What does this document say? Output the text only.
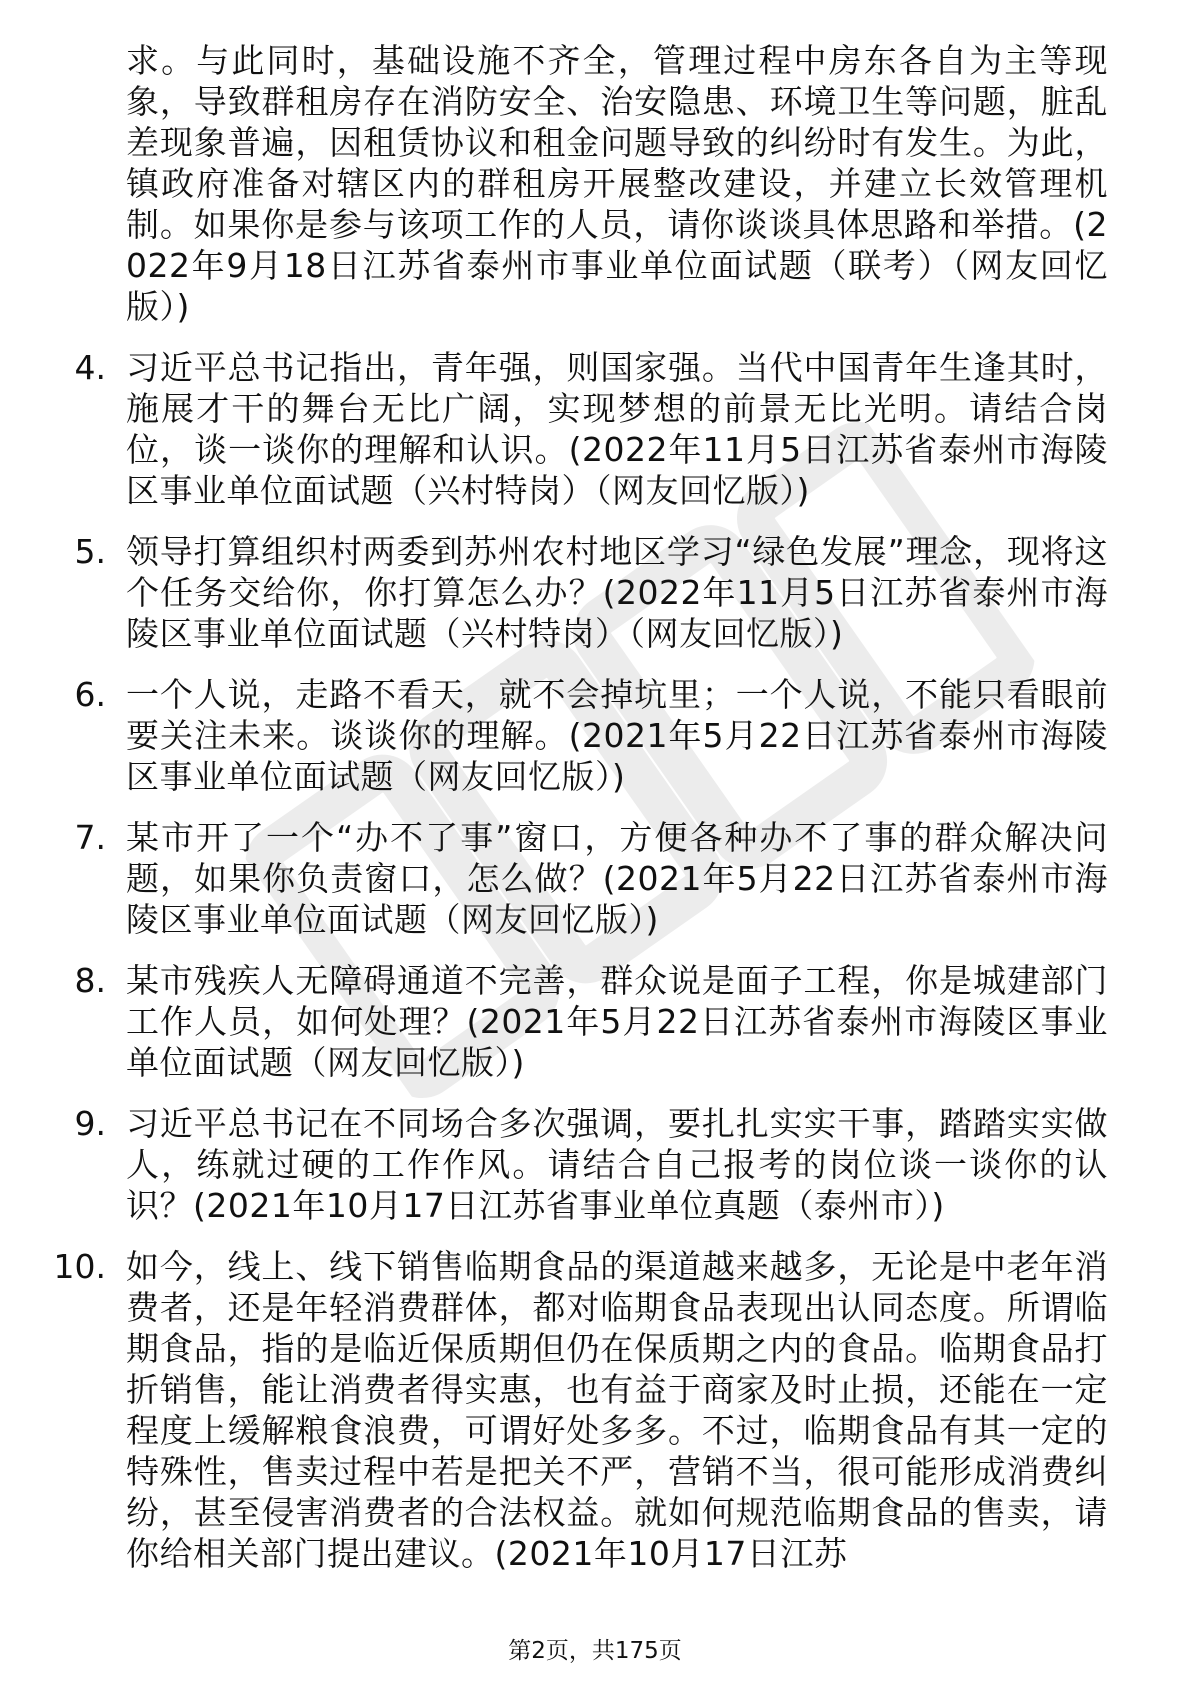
求。与此同时，基础设施不齐全，管理过程中房东各自为主等现象，导致群租房存在消防安全、治安隐患、环境卫生等问题，脏乱差现象普遍，因租赁协议和租金问题导致的纠纷时有发生。为此，镇政府准备对辖区内的群租房开展整改建设，并建立长效管理机制。如果你是参与该项工作的人员，请你谈谈具体思路和举措。(2022年9月18日江苏省泰州市事业单位面试题（联考）（网友回忆版）)
4. 习近平总书记指出，青年强，则国家强。当代中国青年生逢其时，施展才干的舞台无比广阔，实现梦想的前景无比光明。请结合岗位，谈一谈你的理解和认识。(2022年11月5日江苏省泰州市海陵区事业单位面试题（兴村特岗）（网友回忆版）)
5. 领导打算组织村两委到苏州农村地区学习“绿色发展”理念，现将这个任务交给你，你打算怎么办？(2022年11月5日江苏省泰州市海陵区事业单位面试题（兴村特岗）（网友回忆版）)
6. 一个人说，走路不看天，就不会掉坑里；一个人说，不能只看眼前要关注未来。谈谈你的理解。(2021年5月22日江苏省泰州市海陵区事业单位面试题（网友回忆版）)
7. 某市开了一个“办不了事”窗口，方便各种办不了事的群众解决问题，如果你负责窗口，怎么做？(2021年5月22日江苏省泰州市海陵区事业单位面试题（网友回忆版）)
8. 某市残疾人无障碍通道不完善，群众说是面子工程，你是城建部门工作人员，如何处理？(2021年5月22日江苏省泰州市海陵区事业单位面试题（网友回忆版）)
9. 习近平总书记在不同场合多次强调，要扎扎实实干事，踏踏实实做人，练就过硬的工作作风。请结合自己报考的岗位谈一谈你的认识？(2021年10月17日江苏省事业单位真题（泰州市）)
10. 如今，线上、线下销售临期食品的渠道越来越多，无论是中老年消费者，还是年轻消费群体，都对临期食品表现出认同态度。所谓临期食品，指的是临近保质期但仍在保质期之内的食品。临期食品打折销售，能让消费者得实惠，也有益于商家及时止损，还能在一定程度上缓解粮食浪费，可谓好处多多。不过，临期食品有其一定的特殊性，售卖过程中若是把关不严，营销不当，很可能形成消费纠纷，甚至侵害消费者的合法权益。就如何规范临期食品的售卖，请你给相关部门提出建议。(2021年10月17日江苏
第2页，共175页
